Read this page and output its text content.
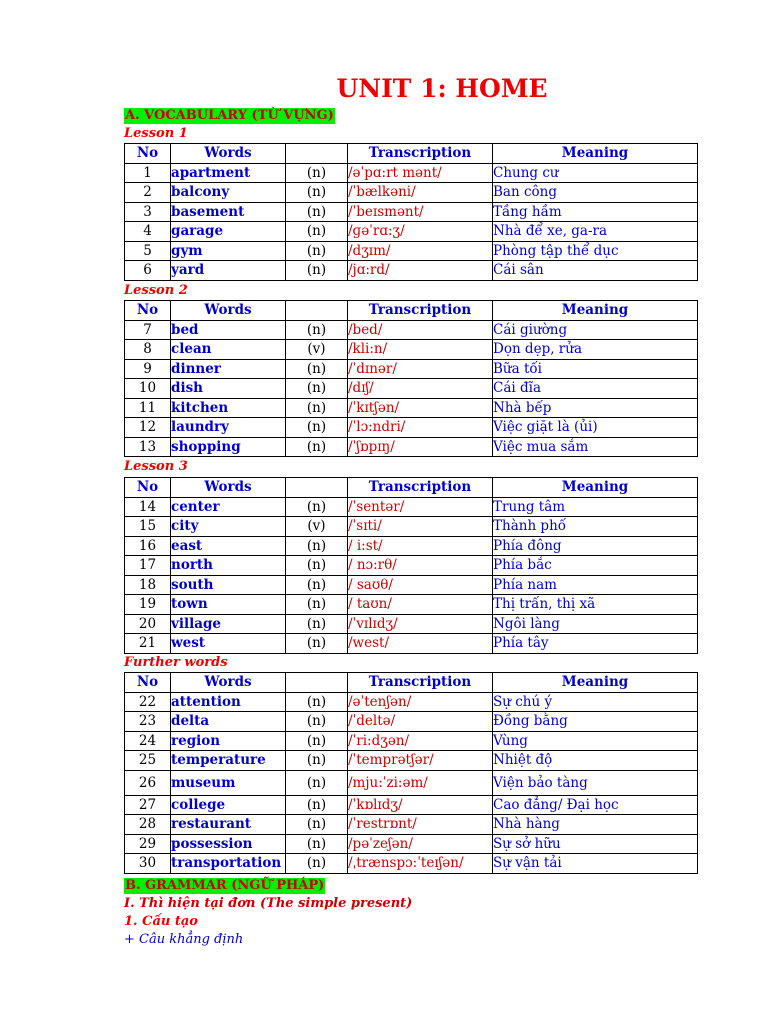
UNIT 1: HOME
A. VOCABULARY (TỪ VỰNG)
Lesson 1
No	Words		Transcription	Meaning
1	apartment	(n)	/əˈpɑ:rt mənt/	Chung cư
2	balcony	(n)	/ˈbælkəni/	Ban công
3	basement	(n)	/ˈbeɪsmənt/	Tầng hầm
4	garage	(n)	/ɡəˈrɑ:ʒ/	Nhà để xe, ga-ra
5	gym	(n)	/dʒɪm/	Phòng tập thể dục
6	yard	(n)	/jɑ:rd/	Cái sân
Lesson 2
No	Words		Transcription	Meaning
7	bed	(n)	/bed/	Cái giường
8	clean	(v)	/kli:n/	Dọn dẹp, rửa
9	dinner	(n)	/ˈdɪnər/	Bữa tối
10	dish	(n)	/dɪʃ/	Cái đĩa
11	kitchen	(n)	/ˈkɪtʃən/	Nhà bếp
12	laundry	(n)	/ˈlɔ:ndri/	Việc giặt là (ủi)
13	shopping	(n)	/ˈʃɒpɪŋ/	Việc mua sắm
Lesson 3
No	Words		Transcription	Meaning
14	center	(n)	/ˈsentər/	Trung tâm
15	city	(v)	/ˈsɪti/	Thành phố
16	east	(n)	/ i:st/	Phía đông
17	north	(n)	/ nɔ:rθ/	Phía bắc
18	south	(n)	/ saʊθ/	Phía nam
19	town	(n)	/ taʊn/	Thị trấn, thị xã
20	village	(n)	/ˈvɪlɪdʒ/	Ngôi làng
21	west	(n)	/west/	Phía tây
Further words
No	Words		Transcription	Meaning
22	attention	(n)	/əˈtenʃən/	Sự chú ý
23	delta	(n)	/ˈdeltə/	Đồng bằng
24	region	(n)	/ˈri:dʒən/	Vùng
25	temperature	(n)	/ˈtemprətʃər/	Nhiệt độ
26	museum	(n)	/mju:ˈzi:əm/	Viện bảo tàng
27	college	(n)	/ˈkɒlɪdʒ/	Cao đẳng/ Đại học
28	restaurant	(n)	/ˈrestrɒnt/	Nhà hàng
29	possession	(n)	/pəˈzeʃən/	Sự sở hữu
30	transportation	(n)	/ˌtrænspɔ:ˈteɪʃən/	Sự vận tải
B. GRAMMAR (NGỮ PHÁP)
I. Thì hiện tại đơn (The simple present)
1. Cấu tạo
+ Câu khẳng định
